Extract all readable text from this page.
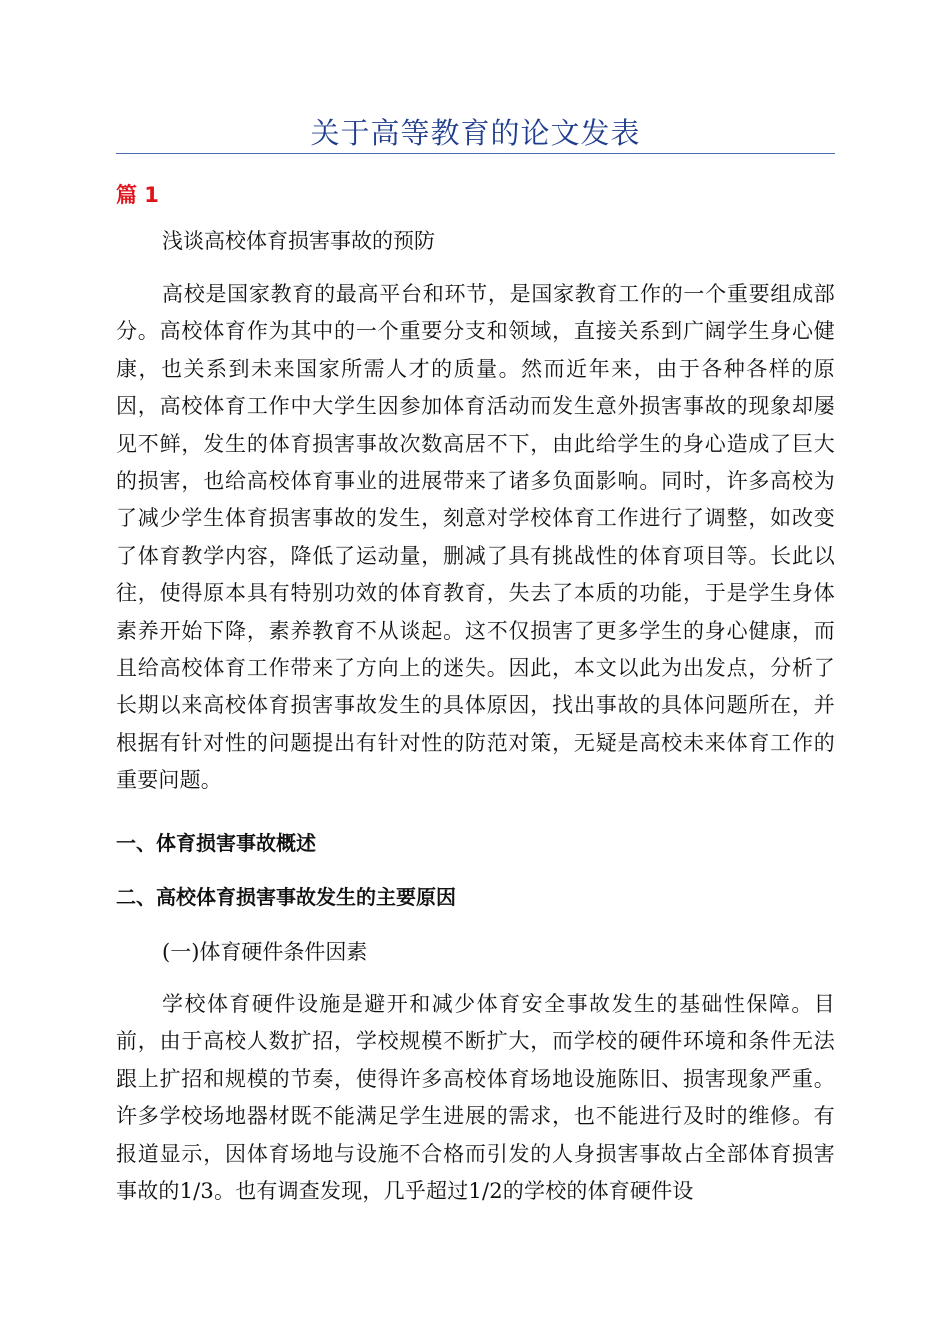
关于高等教育的论文发表
篇 1
浅谈高校体育损害事故的预防
高校是国家教育的最高平台和环节，是国家教育工作的一个重要组成部分。高校体育作为其中的一个重要分支和领域，直接关系到广阔学生身心健康，也关系到未来国家所需人才的质量。然而近年来，由于各种各样的原因，高校体育工作中大学生因参加体育活动而发生意外损害事故的现象却屡见不鲜，发生的体育损害事故次数高居不下，由此给学生的身心造成了巨大的损害，也给高校体育事业的进展带来了诸多负面影响。同时，许多高校为了减少学生体育损害事故的发生，刻意对学校体育工作进行了调整，如改变了体育教学内容，降低了运动量，删减了具有挑战性的体育项目等。长此以往，使得原本具有特别功效的体育教育，失去了本质的功能，于是学生身体素养开始下降，素养教育不从谈起。这不仅损害了更多学生的身心健康，而且给高校体育工作带来了方向上的迷失。因此，本文以此为出发点，分析了长期以来高校体育损害事故发生的具体原因，找出事故的具体问题所在，并根据有针对性的问题提出有针对性的防范对策，无疑是高校未来体育工作的重要问题。
一、体育损害事故概述
二、高校体育损害事故发生的主要原因
(一)体育硬件条件因素
学校体育硬件设施是避开和减少体育安全事故发生的基础性保障。目前，由于高校人数扩招，学校规模不断扩大，而学校的硬件环境和条件无法跟上扩招和规模的节奏，使得许多高校体育场地设施陈旧、损害现象严重。许多学校场地器材既不能满足学生进展的需求，也不能进行及时的维修。有报道显示，因体育场地与设施不合格而引发的人身损害事故占全部体育损害事故的1/3。也有调查发现，几乎超过1/2的学校的体育硬件设
